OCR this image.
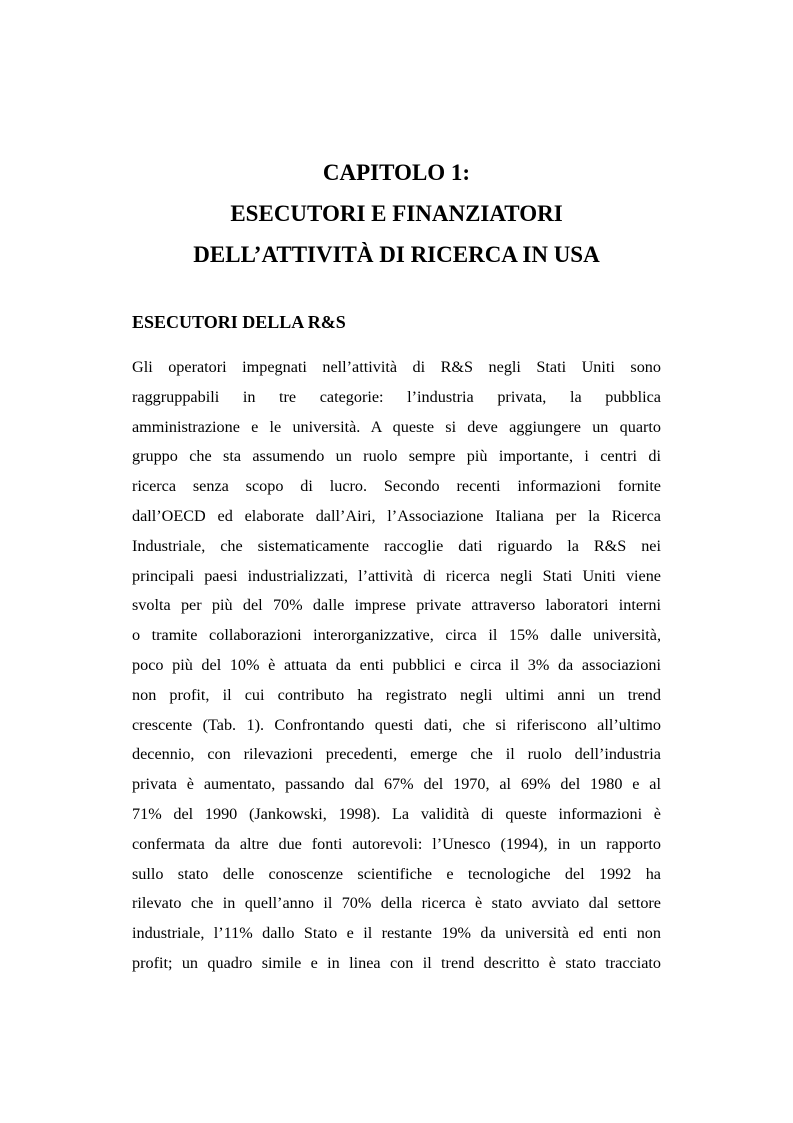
CAPITOLO 1:
ESECUTORI E FINANZIATORI
DELL’ATTIVITÀ DI RICERCA IN USA
ESECUTORI DELLA R&S
Gli operatori impegnati nell’attività di R&S negli Stati Uniti sono
raggruppabili in tre categorie: l’industria privata, la pubblica
amministrazione e le università. A queste si deve aggiungere un quarto
gruppo che sta assumendo un ruolo sempre più importante, i centri di
ricerca senza scopo di lucro. Secondo recenti informazioni fornite
dall’OECD ed elaborate dall’Airi, l’Associazione Italiana per la Ricerca
Industriale, che sistematicamente raccoglie dati riguardo la R&S nei
principali paesi industrializzati, l’attività di ricerca negli Stati Uniti viene
svolta per più del 70% dalle imprese private attraverso laboratori interni
o tramite collaborazioni interorganizzative, circa il 15% dalle università,
poco più del 10% è attuata da enti pubblici e circa il 3% da associazioni
non profit, il cui contributo ha registrato negli ultimi anni un trend
crescente (Tab. 1). Confrontando questi dati, che si riferiscono all’ultimo
decennio, con rilevazioni precedenti, emerge che il ruolo dell’industria
privata è aumentato, passando dal 67% del 1970, al 69% del 1980 e al
71% del 1990 (Jankowski, 1998). La validità di queste informazioni è
confermata da altre due fonti autorevoli: l’Unesco (1994), in un rapporto
sullo stato delle conoscenze scientifiche e tecnologiche del 1992 ha
rilevato che in quell’anno il 70% della ricerca è stato avviato dal settore
industriale, l’11% dallo Stato e il restante 19% da università ed enti non
profit; un quadro simile e in linea con il trend descritto è stato tracciato
